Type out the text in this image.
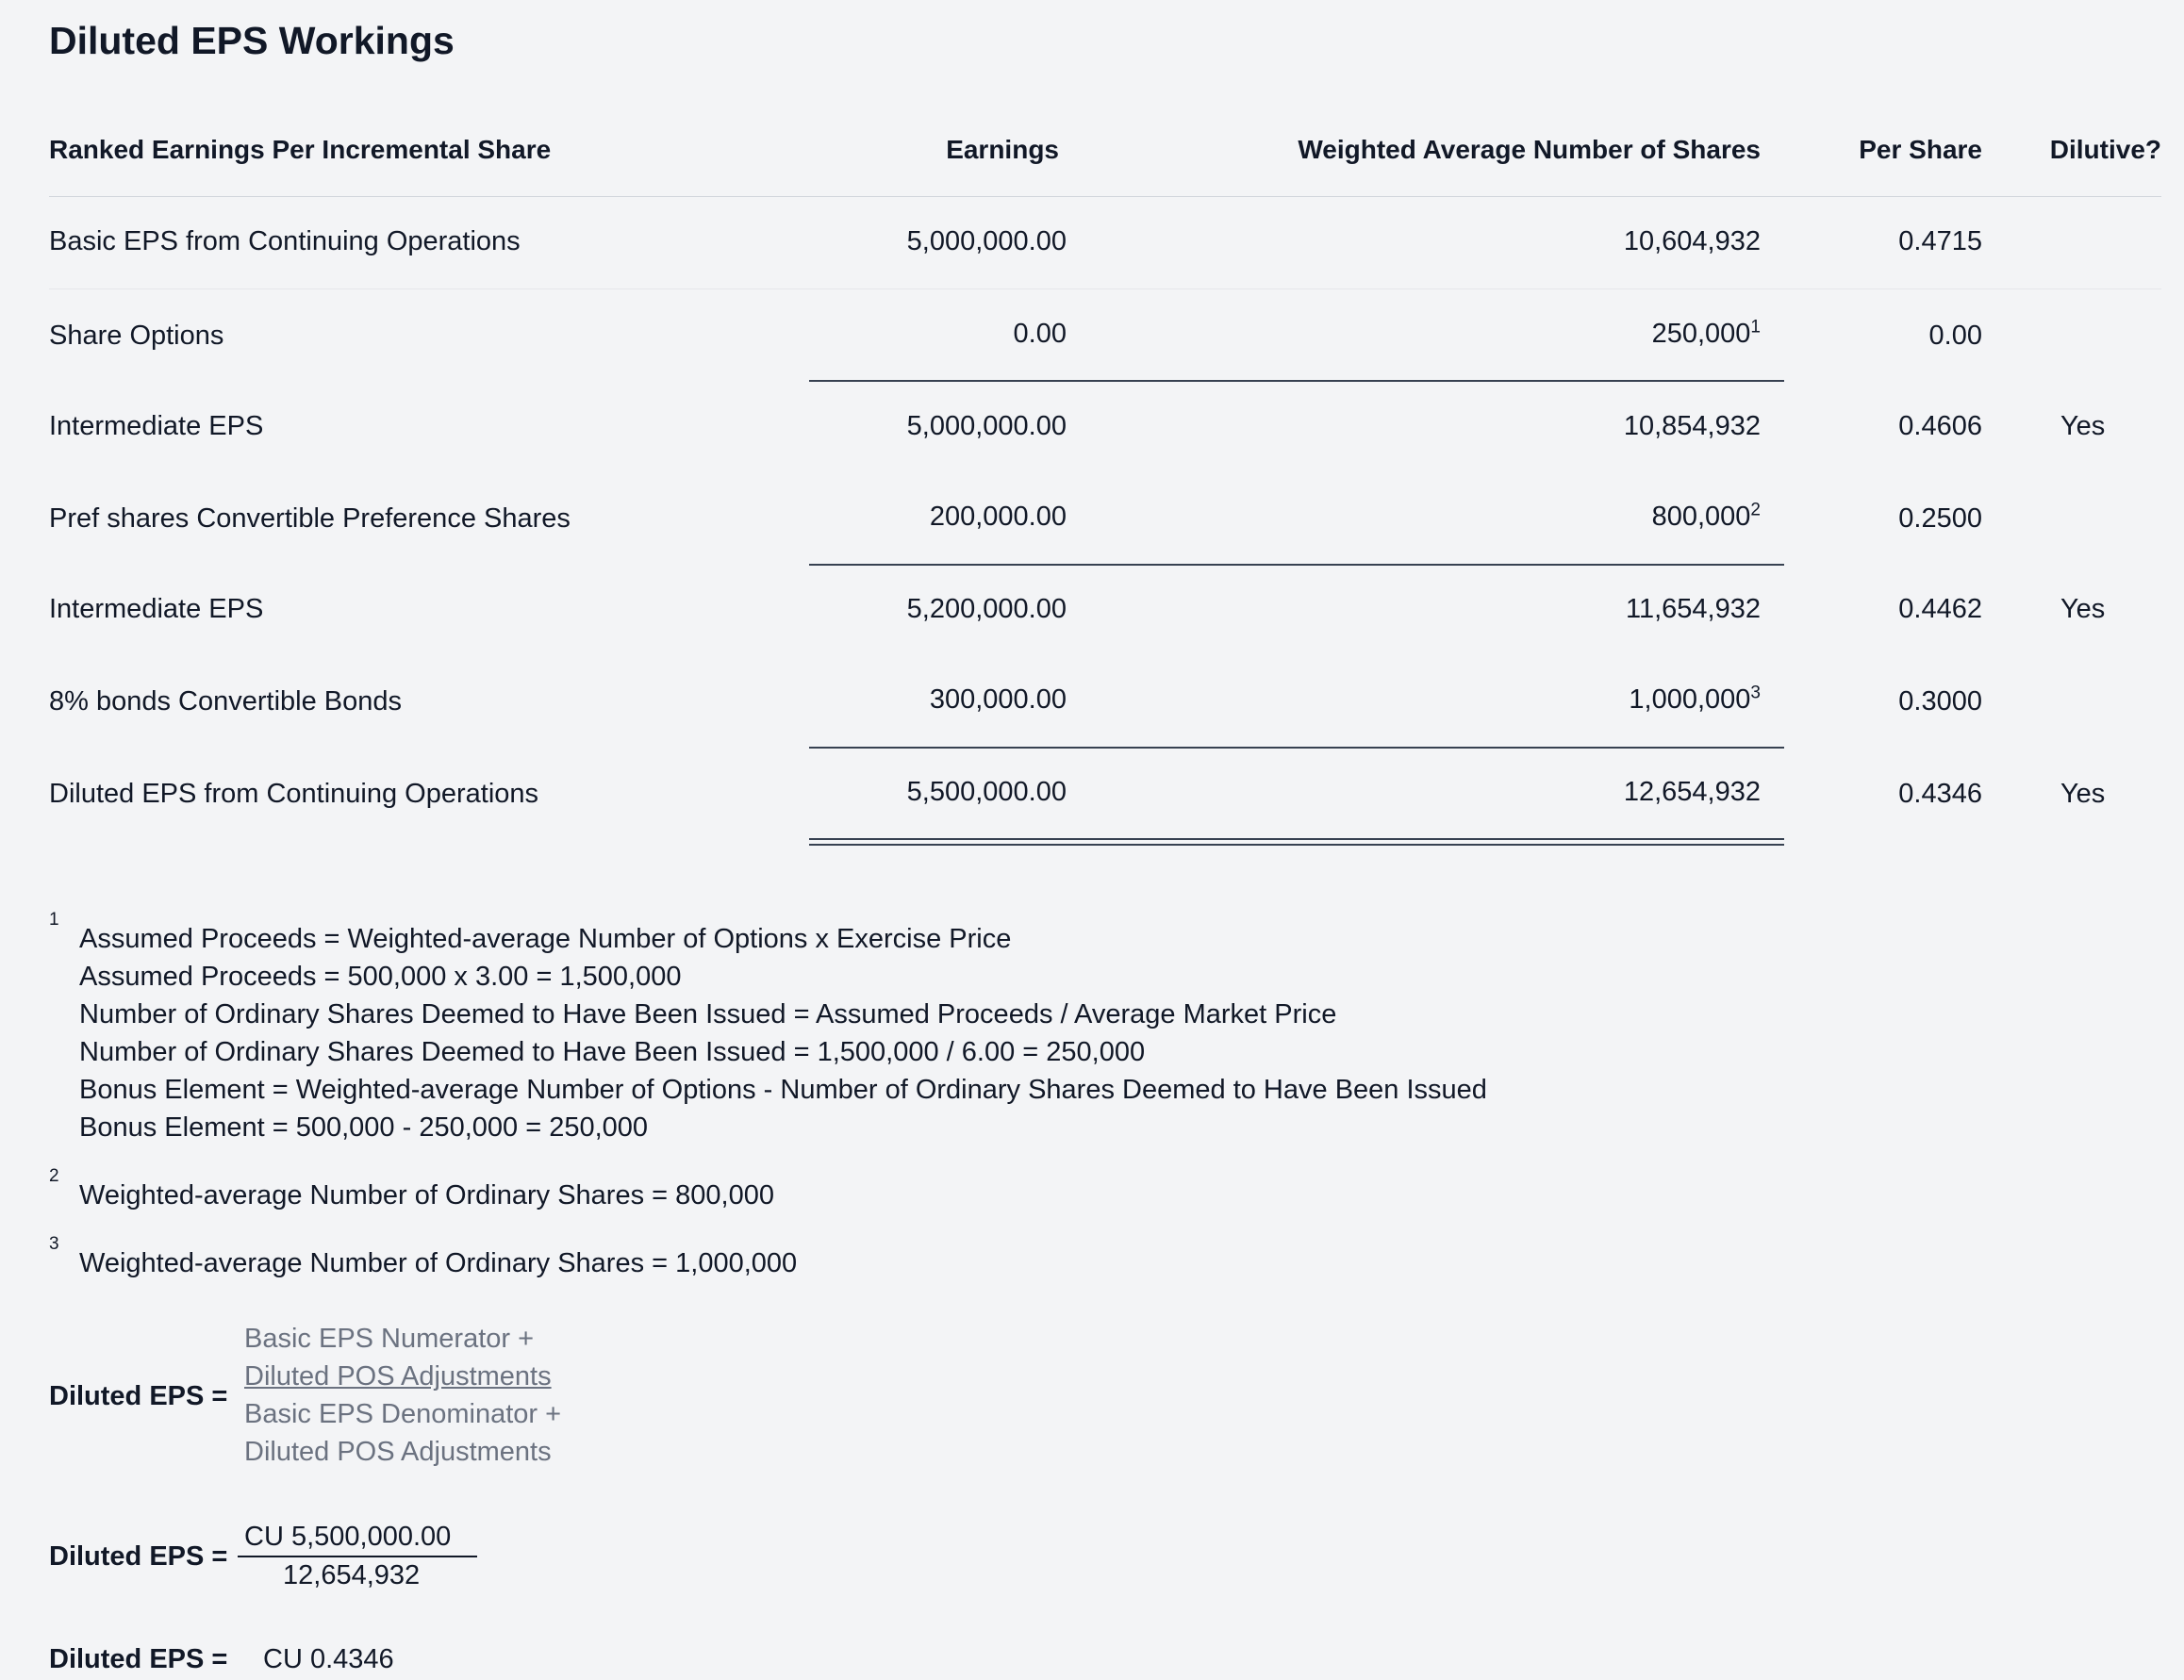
Diluted EPS Workings
Ranked Earnings Per Incremental Share	Earnings	Weighted Average Number of Shares	Per Share	Dilutive?
Basic EPS from Continuing Operations	5,000,000.00	10,604,932	0.4715
Share Options	0.00	250,000$^1$	0.00
Intermediate EPS	5,000,000.00	10,854,932	0.4606	Yes
Pref shares Convertible Preference Shares	200,000.00	800,000$^2$	0.2500
Intermediate EPS	5,200,000.00	11,654,932	0.4462	Yes
8% bonds Convertible Bonds	300,000.00	1,000,000$^3$	0.3000
Diluted EPS from Continuing Operations	5,500,000.00	12,654,932	0.4346	Yes
1
Assumed Proceeds = Weighted-average Number of Options x Exercise Price
Assumed Proceeds = 500,000 x 3.00 = 1,500,000
Number of Ordinary Shares Deemed to Have Been Issued = Assumed Proceeds / Average Market Price
Number of Ordinary Shares Deemed to Have Been Issued = 1,500,000 / 6.00 = 250,000
Bonus Element = Weighted-average Number of Options - Number of Ordinary Shares Deemed to Have Been Issued
Bonus Element = 500,000 - 250,000 = 250,000
2
Weighted-average Number of Ordinary Shares = 800,000
3
Weighted-average Number of Ordinary Shares = 1,000,000
Diluted EPS =
Basic EPS Numerator +
Diluted POS Adjustments
Basic EPS Denominator +
Diluted POS Adjustments
Diluted EPS =
CU 5,500,000.00
12,654,932
Diluted EPS = CU 0.4346
